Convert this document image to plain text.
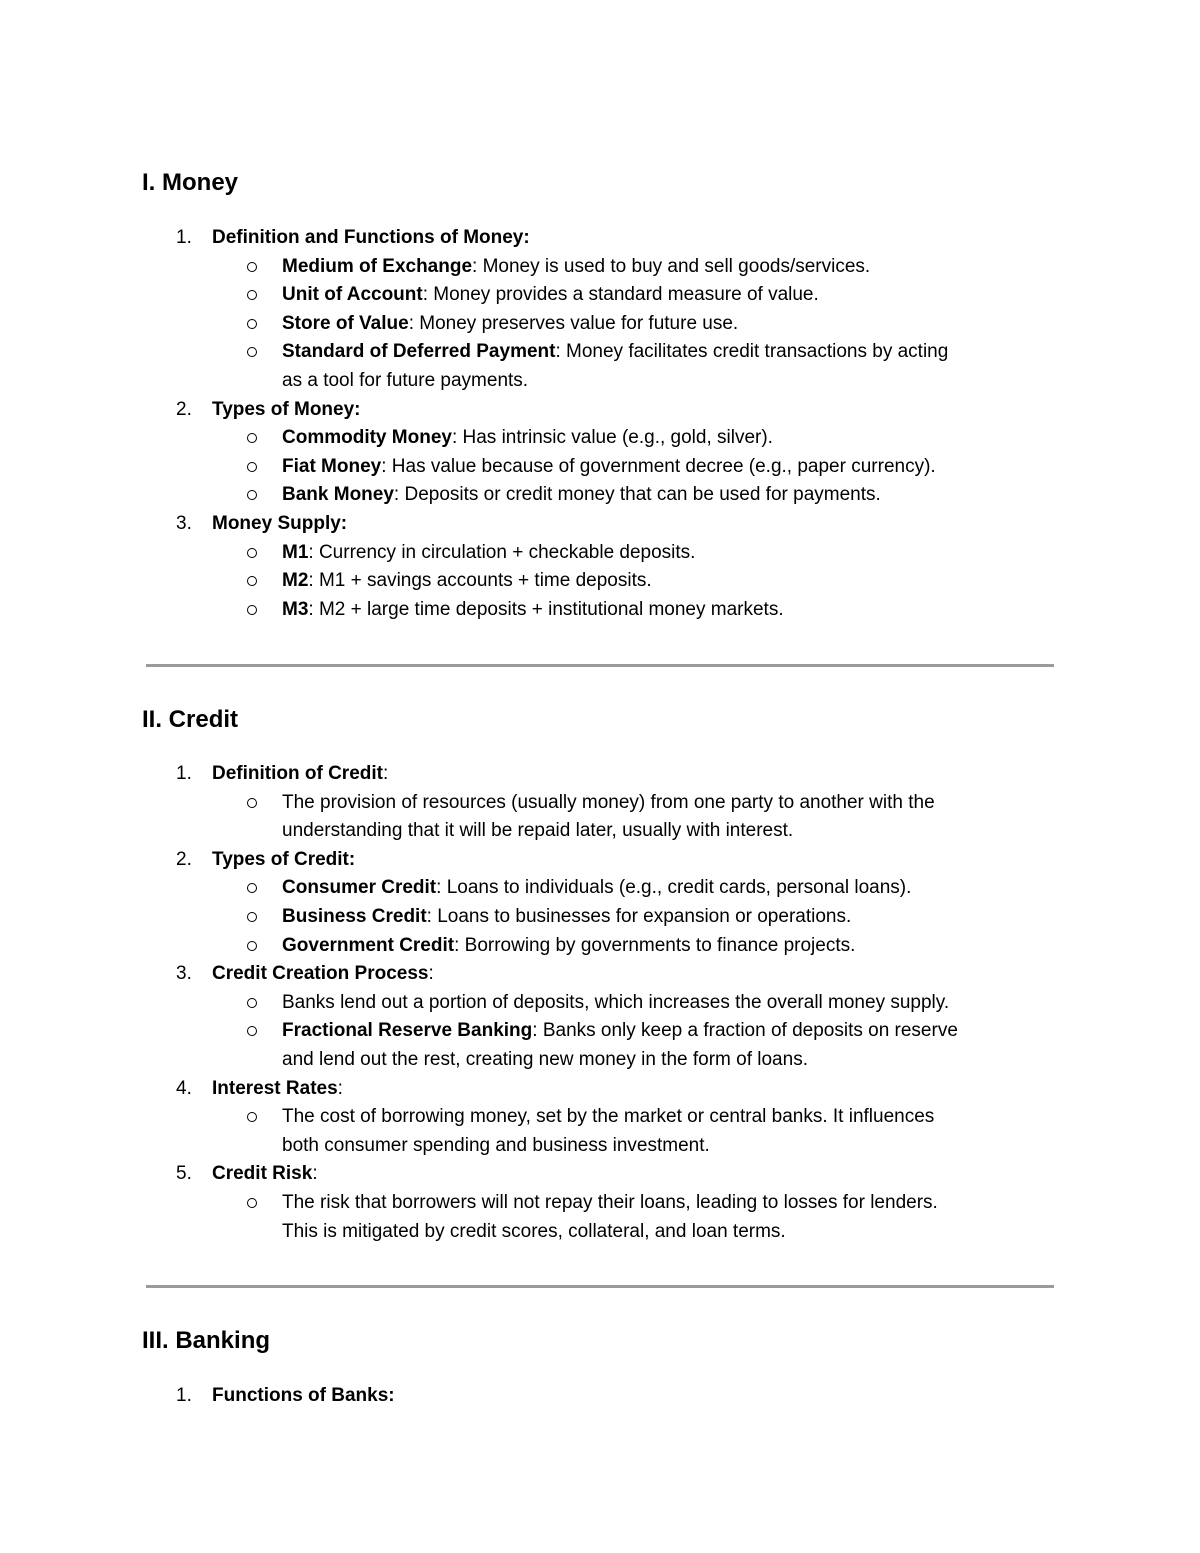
I. Money
1. Definition and Functions of Money:
Medium of Exchange: Money is used to buy and sell goods/services.
Unit of Account: Money provides a standard measure of value.
Store of Value: Money preserves value for future use.
Standard of Deferred Payment: Money facilitates credit transactions by acting
as a tool for future payments.
2. Types of Money:
Commodity Money: Has intrinsic value (e.g., gold, silver).
Fiat Money: Has value because of government decree (e.g., paper currency).
Bank Money: Deposits or credit money that can be used for payments.
3. Money Supply:
M1: Currency in circulation + checkable deposits.
M2: M1 + savings accounts + time deposits.
M3: M2 + large time deposits + institutional money markets.
II. Credit
1. Definition of Credit:
The provision of resources (usually money) from one party to another with the
understanding that it will be repaid later, usually with interest.
2. Types of Credit:
Consumer Credit: Loans to individuals (e.g., credit cards, personal loans).
Business Credit: Loans to businesses for expansion or operations.
Government Credit: Borrowing by governments to finance projects.
3. Credit Creation Process:
Banks lend out a portion of deposits, which increases the overall money supply.
Fractional Reserve Banking: Banks only keep a fraction of deposits on reserve
and lend out the rest, creating new money in the form of loans.
4. Interest Rates:
The cost of borrowing money, set by the market or central banks. It influences
both consumer spending and business investment.
5. Credit Risk:
The risk that borrowers will not repay their loans, leading to losses for lenders.
This is mitigated by credit scores, collateral, and loan terms.
III. Banking
1. Functions of Banks:
